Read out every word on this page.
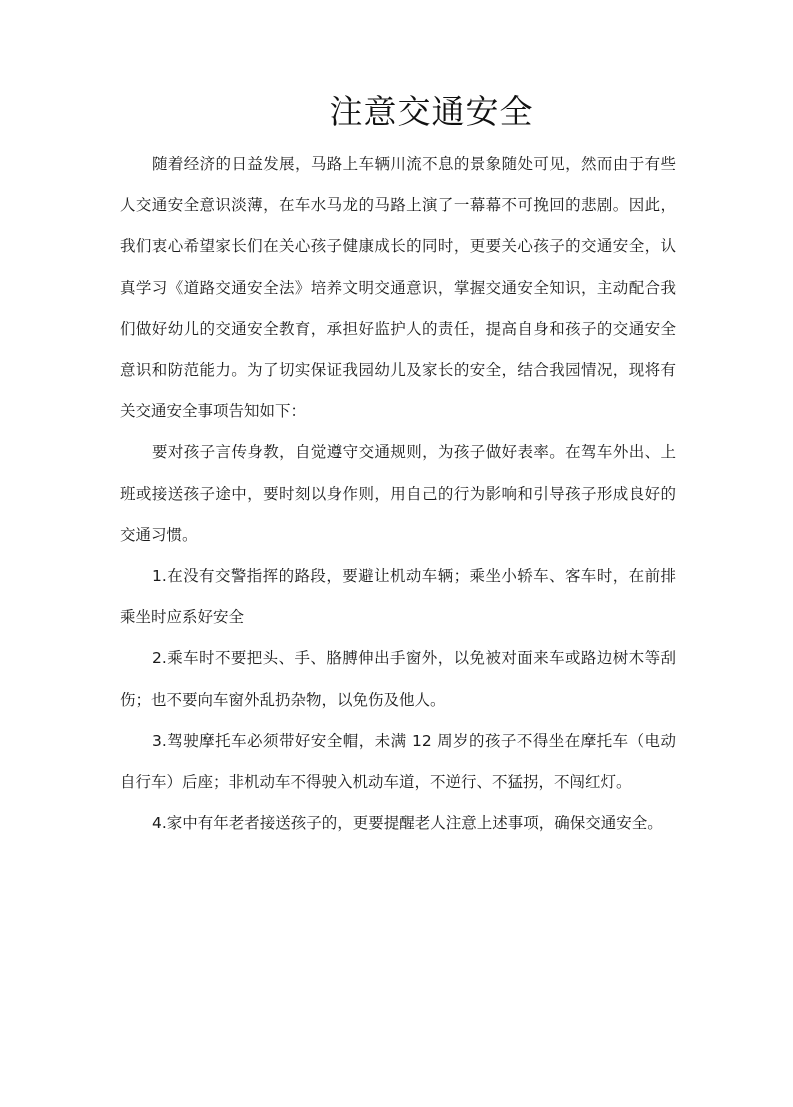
注意交通安全

随着经济的日益发展，马路上车辆川流不息的景象随处可见，然而由于有些人交通安全意识淡薄，在车水马龙的马路上演了一幕幕不可挽回的悲剧。因此，我们衷心希望家长们在关心孩子健康成长的同时，更要关心孩子的交通安全，认真学习《道路交通安全法》培养文明交通意识，掌握交通安全知识，主动配合我们做好幼儿的交通安全教育，承担好监护人的责任，提高自身和孩子的交通安全意识和防范能力。为了切实保证我园幼儿及家长的安全，结合我园情况，现将有关交通安全事项告知如下：

要对孩子言传身教，自觉遵守交通规则，为孩子做好表率。在驾车外出、上班或接送孩子途中，要时刻以身作则，用自己的行为影响和引导孩子形成良好的交通习惯。

1.在没有交警指挥的路段，要避让机动车辆；乘坐小轿车、客车时，在前排乘坐时应系好安全

2.乘车时不要把头、手、胳膊伸出手窗外，以免被对面来车或路边树木等刮伤；也不要向车窗外乱扔杂物，以免伤及他人。

3.驾驶摩托车必须带好安全帽，未满 12 周岁的孩子不得坐在摩托车（电动自行车）后座；非机动车不得驶入机动车道，不逆行、不猛拐，不闯红灯。

4.家中有年老者接送孩子的，更要提醒老人注意上述事项，确保交通安全。
